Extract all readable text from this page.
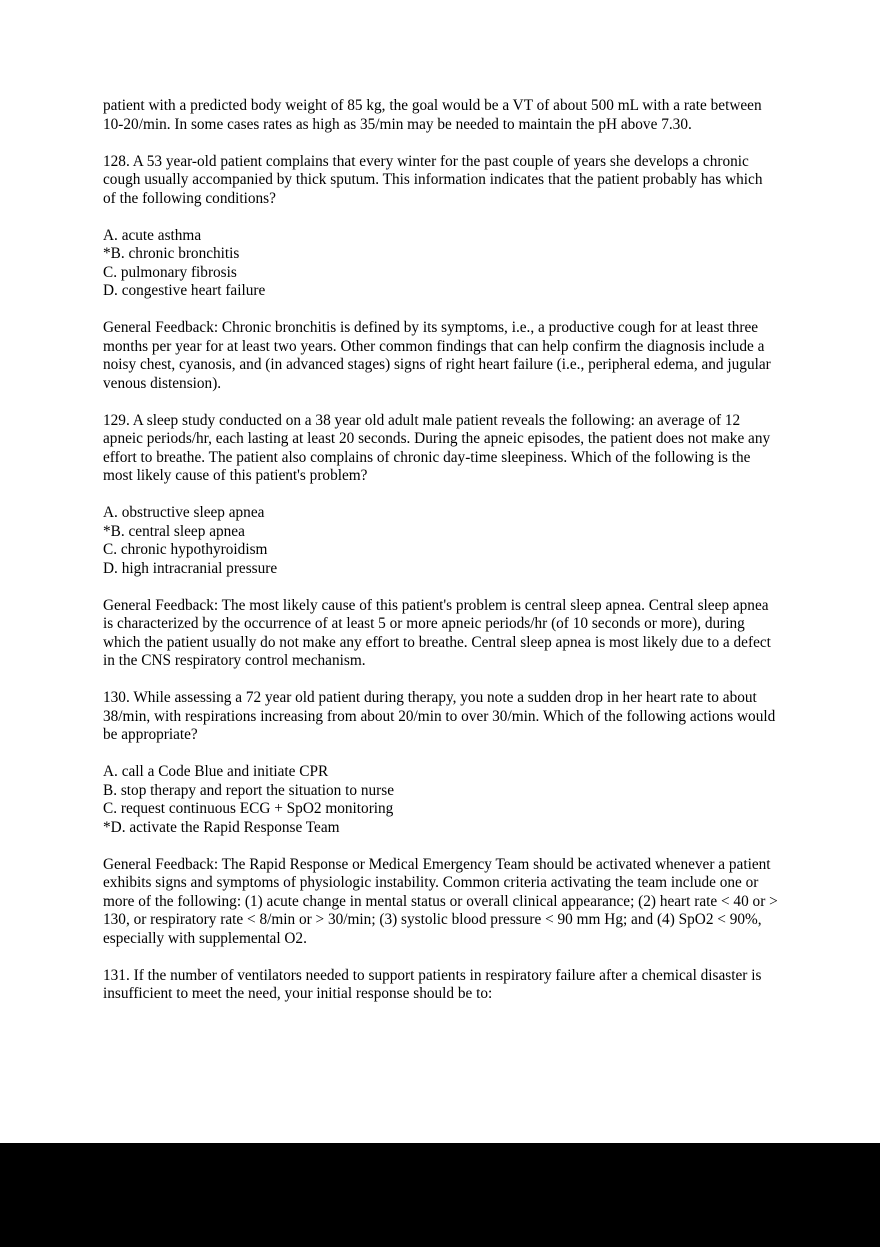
patient with a predicted body weight of 85 kg, the goal would be a VT of about 500 mL with a rate between 10-20/min. In some cases rates as high as 35/min may be needed to maintain the pH above 7.30.

128. A 53 year-old patient complains that every winter for the past couple of years she develops a chronic cough usually accompanied by thick sputum. This information indicates that the patient probably has which of the following conditions?

A. acute asthma
*B. chronic bronchitis
C. pulmonary fibrosis
D. congestive heart failure

General Feedback: Chronic bronchitis is defined by its symptoms, i.e., a productive cough for at least three months per year for at least two years. Other common findings that can help confirm the diagnosis include a noisy chest, cyanosis, and (in advanced stages) signs of right heart failure (i.e., peripheral edema, and jugular venous distension).

129. A sleep study conducted on a 38 year old adult male patient reveals the following: an average of 12 apneic periods/hr, each lasting at least 20 seconds. During the apneic episodes, the patient does not make any effort to breathe. The patient also complains of chronic day-time sleepiness. Which of the following is the most likely cause of this patient's problem?

A. obstructive sleep apnea
*B. central sleep apnea
C. chronic hypothyroidism
D. high intracranial pressure

General Feedback: The most likely cause of this patient's problem is central sleep apnea. Central sleep apnea is characterized by the occurrence of at least 5 or more apneic periods/hr (of 10 seconds or more), during which the patient usually do not make any effort to breathe. Central sleep apnea is most likely due to a defect in the CNS respiratory control mechanism.

130. While assessing a 72 year old patient during therapy, you note a sudden drop in her heart rate to about 38/min, with respirations increasing from about 20/min to over 30/min. Which of the following actions would be appropriate?

A. call a Code Blue and initiate CPR
B. stop therapy and report the situation to nurse
C. request continuous ECG + SpO2 monitoring
*D. activate the Rapid Response Team

General Feedback: The Rapid Response or Medical Emergency Team should be activated whenever a patient exhibits signs and symptoms of physiologic instability. Common criteria activating the team include one or more of the following: (1) acute change in mental status or overall clinical appearance; (2) heart rate < 40 or > 130, or respiratory rate < 8/min or > 30/min; (3) systolic blood pressure < 90 mm Hg; and (4) SpO2 < 90%, especially with supplemental O2.

131. If the number of ventilators needed to support patients in respiratory failure after a chemical disaster is insufficient to meet the need, your initial response should be to:
